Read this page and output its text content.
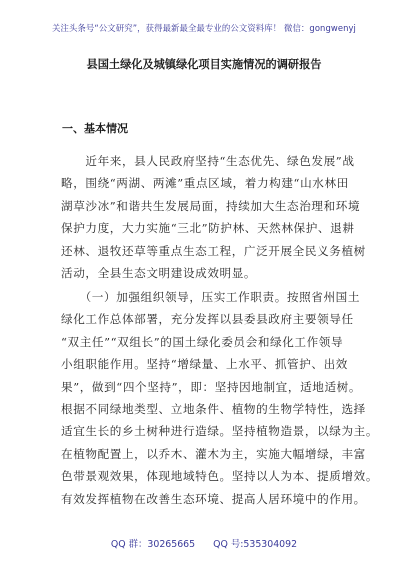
关注头条号“公文研究”，获得最新最全最专业的公文资料库！ 微信：gongwenyj
县国土绿化及城镇绿化项目实施情况的调研报告
一、基本情况
　　近年来，县人民政府坚持“生态优先、绿色发展”战
略，围绕“两湖、两滩”重点区域，着力构建“山水林田
湖草沙冰”和谐共生发展局面，持续加大生态治理和环境
保护力度，大力实施“三北”防护林、天然林保护、退耕
还林、退牧还草等重点生态工程，广泛开展全民义务植树
活动，全县生态文明建设成效明显。
　　（一）加强组织领导，压实工作职责。按照省州国土
绿化工作总体部署，充分发挥以县委县政府主要领导任
“双主任”“双组长”的国土绿化委员会和绿化工作领导
小组职能作用。坚持“增绿量、上水平、抓管护、出效
果”，做到“四个坚持”，即：坚持因地制宜，适地适树。
根据不同绿地类型、立地条件、植物的生物学特性，选择
适宜生长的乡土树种进行造绿。坚持植物造景，以绿为主。
在植物配置上，以乔木、灌木为主，实施大幅增绿，丰富
色带景观效果，体现地域特色。坚持以人为本、提质增效。
有效发挥植物在改善生态环境、提高人居环境中的作用。
QQ 群：30265665 QQ 号:535304092
